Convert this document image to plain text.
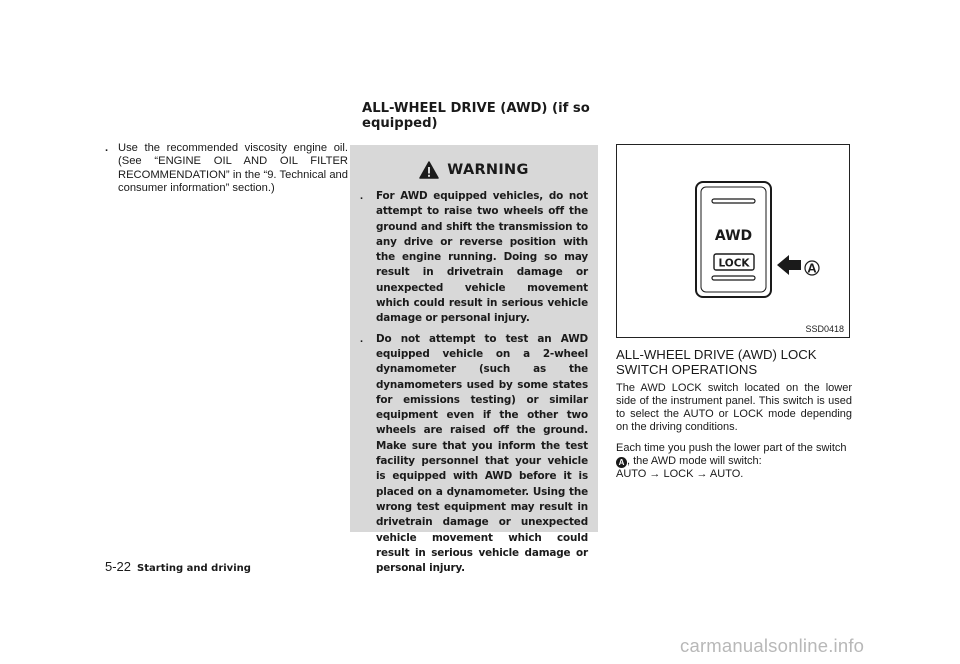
. Use the recommended viscosity engine oil. (See “ENGINE OIL AND OIL FILTER RECOMMENDATION” in the “9. Technical and consumer information” section.)
ALL-WHEEL DRIVE (AWD) (if so equipped)
WARNING
.	For AWD equipped vehicles, do not attempt to raise two wheels off the ground and shift the transmission to any drive or reverse position with the engine running. Doing so may result in drivetrain damage or unexpected vehicle movement which could result in serious vehicle damage or personal injury.
.	Do not attempt to test an AWD equipped vehicle on a 2-wheel dynamometer (such as the dynamometers used by some states for emissions testing) or similar equipment even if the other two wheels are raised off the ground. Make sure that you inform the test facility personnel that your vehicle is equipped with AWD before it is placed on a dynamometer. Using the wrong test equipment may result in drivetrain damage or unexpected vehicle movement which could result in serious vehicle damage or personal injury.
AWD
LOCK	A
SSD0418
ALL-WHEEL DRIVE (AWD) LOCK SWITCH OPERATIONS

The AWD LOCK switch located on the lower side of the instrument panel. This switch is used to select the AUTO or LOCK mode depending on the driving conditions.

Each time you push the lower part of the switch
A , the AWD mode will switch:
AUTO → LOCK → AUTO.

5-22 Starting and driving
carmanualsonline.info
